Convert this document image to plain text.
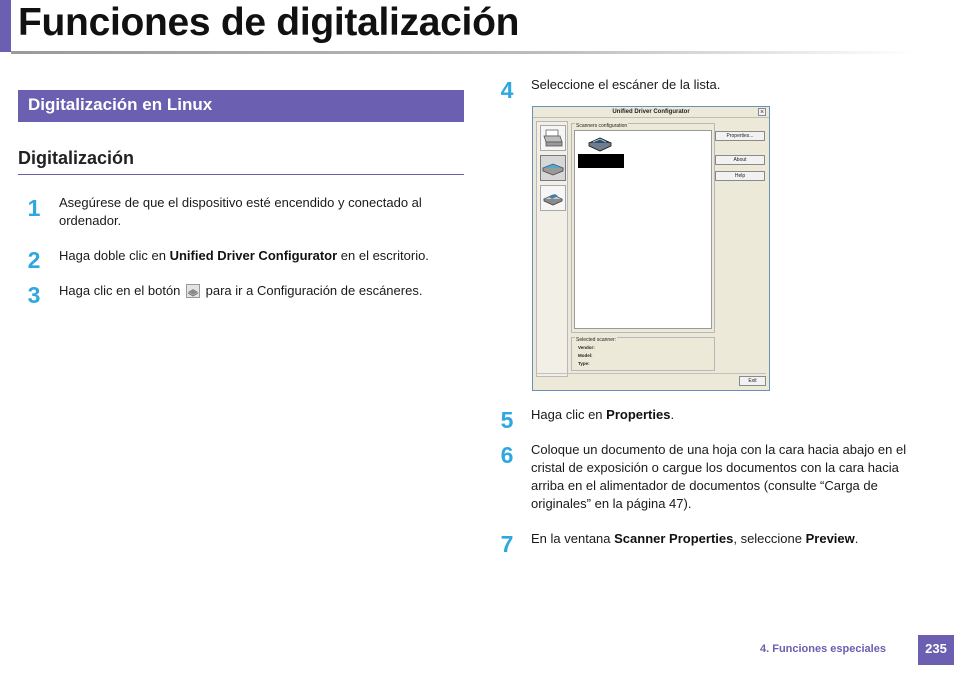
Funciones de digitalización
Digitalización en Linux
Digitalización
1	Asegúrese de que el dispositivo esté encendido y conectado al ordenador.
2	Haga doble clic en Unified Driver Configurator en el escritorio.
3	Haga clic en el botón  para ir a Configuración de escáneres.
4	Seleccione el escáner de la lista.
Unified Driver Configurator	×
Scanners configuration
Properties...
About
Help
Selected scanner:
Vendor:
Model:
Type:
Exit
5	Haga clic en Properties.
6	Coloque un documento de una hoja con la cara hacia abajo en el cristal de exposición o cargue los documentos con la cara hacia arriba en el alimentador de documentos (consulte “Carga de originales” en la página 47).
7	En la ventana Scanner Properties, seleccione Preview.
4. Funciones especiales	235
